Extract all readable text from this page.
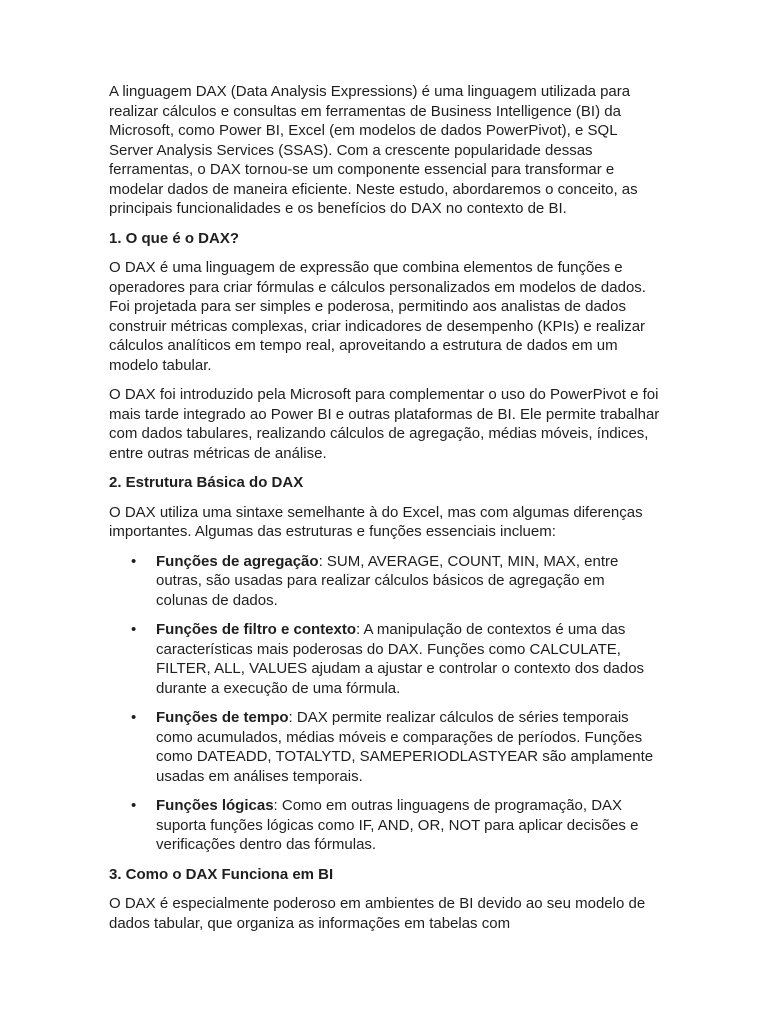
A linguagem DAX (Data Analysis Expressions) é uma linguagem utilizada para realizar cálculos e consultas em ferramentas de Business Intelligence (BI) da Microsoft, como Power BI, Excel (em modelos de dados PowerPivot), e SQL Server Analysis Services (SSAS). Com a crescente popularidade dessas ferramentas, o DAX tornou-se um componente essencial para transformar e modelar dados de maneira eficiente. Neste estudo, abordaremos o conceito, as principais funcionalidades e os benefícios do DAX no contexto de BI.

1. O que é o DAX?

O DAX é uma linguagem de expressão que combina elementos de funções e operadores para criar fórmulas e cálculos personalizados em modelos de dados. Foi projetada para ser simples e poderosa, permitindo aos analistas de dados construir métricas complexas, criar indicadores de desempenho (KPIs) e realizar cálculos analíticos em tempo real, aproveitando a estrutura de dados em um modelo tabular.

O DAX foi introduzido pela Microsoft para complementar o uso do PowerPivot e foi mais tarde integrado ao Power BI e outras plataformas de BI. Ele permite trabalhar com dados tabulares, realizando cálculos de agregação, médias móveis, índices, entre outras métricas de análise.

2. Estrutura Básica do DAX

O DAX utiliza uma sintaxe semelhante à do Excel, mas com algumas diferenças importantes. Algumas das estruturas e funções essenciais incluem:

• Funções de agregação: SUM, AVERAGE, COUNT, MIN, MAX, entre outras, são usadas para realizar cálculos básicos de agregação em colunas de dados.
• Funções de filtro e contexto: A manipulação de contextos é uma das características mais poderosas do DAX. Funções como CALCULATE, FILTER, ALL, VALUES ajudam a ajustar e controlar o contexto dos dados durante a execução de uma fórmula.
• Funções de tempo: DAX permite realizar cálculos de séries temporais como acumulados, médias móveis e comparações de períodos. Funções como DATEADD, TOTALYTD, SAMEPERIODLASTYEAR são amplamente usadas em análises temporais.
• Funções lógicas: Como em outras linguagens de programação, DAX suporta funções lógicas como IF, AND, OR, NOT para aplicar decisões e verificações dentro das fórmulas.
3. Como o DAX Funciona em BI

O DAX é especialmente poderoso em ambientes de BI devido ao seu modelo de dados tabular, que organiza as informações em tabelas com
